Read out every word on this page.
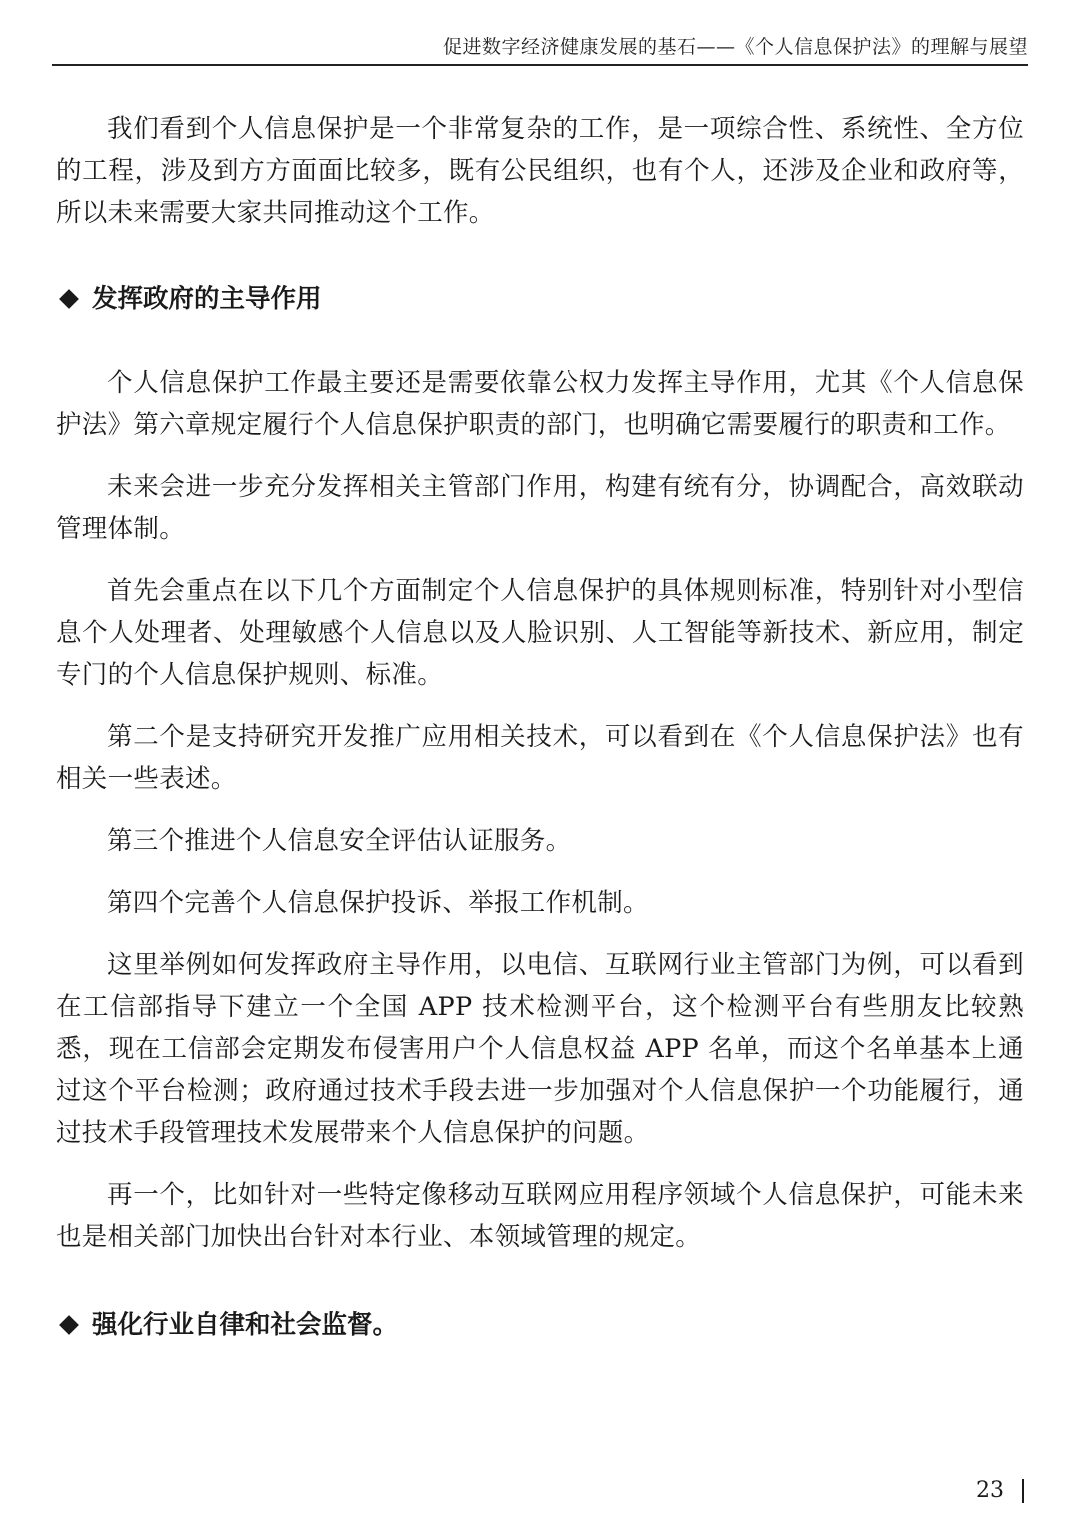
促进数字经济健康发展的基石——《个人信息保护法》的理解与展望

我们看到个人信息保护是一个非常复杂的工作，是一项综合性、系统性、全方位的工程，涉及到方方面面比较多，既有公民组织，也有个人，还涉及企业和政府等，所以未来需要大家共同推动这个工作。

发挥政府的主导作用

个人信息保护工作最主要还是需要依靠公权力发挥主导作用，尤其《个人信息保护法》第六章规定履行个人信息保护职责的部门，也明确它需要履行的职责和工作。

未来会进一步充分发挥相关主管部门作用，构建有统有分，协调配合，高效联动管理体制。

首先会重点在以下几个方面制定个人信息保护的具体规则标准，特别针对小型信息个人处理者、处理敏感个人信息以及人脸识别、人工智能等新技术、新应用，制定专门的个人信息保护规则、标准。

第二个是支持研究开发推广应用相关技术，可以看到在《个人信息保护法》也有相关一些表述。

第三个推进个人信息安全评估认证服务。

第四个完善个人信息保护投诉、举报工作机制。

这里举例如何发挥政府主导作用，以电信、互联网行业主管部门为例，可以看到在工信部指导下建立一个全国 APP 技术检测平台，这个检测平台有些朋友比较熟悉，现在工信部会定期发布侵害用户个人信息权益 APP 名单，而这个名单基本上通过这个平台检测；政府通过技术手段去进一步加强对个人信息保护一个功能履行，通过技术手段管理技术发展带来个人信息保护的问题。

再一个，比如针对一些特定像移动互联网应用程序领域个人信息保护，可能未来也是相关部门加快出台针对本行业、本领域管理的规定。

强化行业自律和社会监督。
23
